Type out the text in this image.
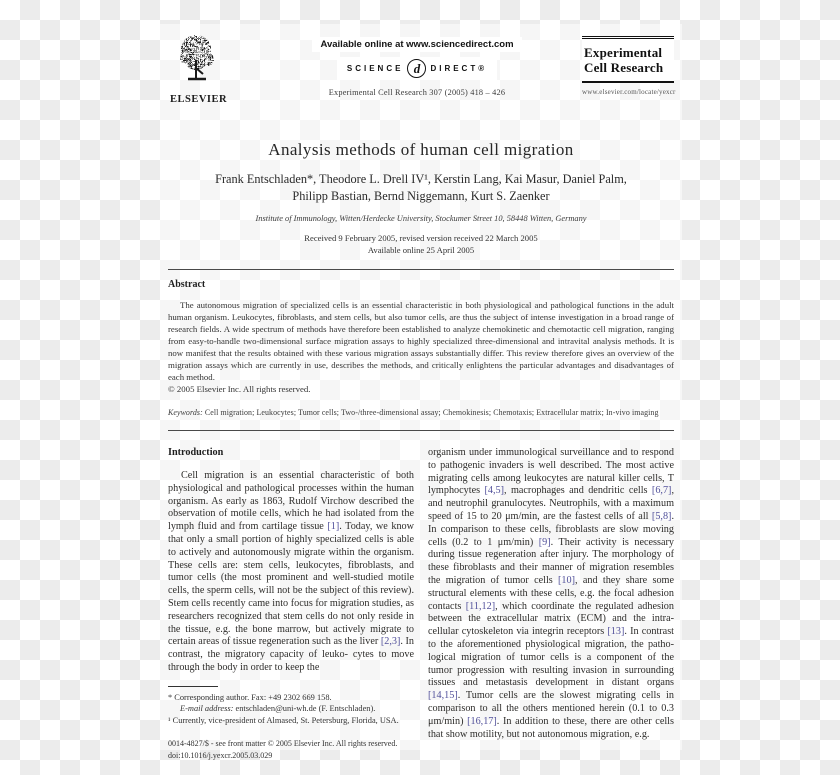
ELSEVIER
Available online at www.sciencedirect.com

SCIENCE d	DIRECT®
Experimental Cell Research 307 (2005) 418 – 426
Experimental
Cell Research
www.elsevier.com/locate/yexcr
Analysis methods of human cell migration
Frank Entschladen*, Theodore L. Drell IV¹, Kerstin Lang, Kai Masur, Daniel Palm,
Philipp Bastian, Bernd Niggemann, Kurt S. Zaenker
Institute of Immunology, Witten/Herdecke University, Stockumer Street 10, 58448 Witten, Germany
Received 9 February 2005, revised version received 22 March 2005
Available online 25 April 2005
Abstract

The autonomous migration of specialized cells is an essential characteristic in both physiological and pathological functions in the adult human organism. Leukocytes, fibroblasts, and stem cells, but also tumor cells, are thus the subject of intense investigation in a broad range of research fields. A wide spectrum of methods have therefore been established to analyze chemokinetic and chemotactic cell migration, ranging from easy-to-handle two-dimensional surface migration assays to highly specialized three-dimensional and intravital analysis methods. It is now manifest that the results obtained with these various migration assays substantially differ. This review therefore gives an overview of the migration assays which are currently in use, describes the methods, and critically enlightens the particular advantages and disadvantages of each method.

© 2005 Elsevier Inc. All rights reserved.

Keywords: Cell migration; Leukocytes; Tumor cells; Two-/three-dimensional assay; Chemokinesis; Chemotaxis; Extracellular matrix; In-vivo imaging

Introduction

Cell migration is an essential characteristic of both physiological and pathological processes within the human organism. As early as 1863, Rudolf Virchow described the observation of motile cells, which he had isolated from the lymph fluid and from cartilage tissue [1]. Today, we know that only a small portion of highly specialized cells is able to actively and autonomously migrate within the organism. These cells are: stem cells, leukocytes, fibroblasts, and tumor cells (the most prominent and well-studied motile cells, the sperm cells, will not be the subject of this review). Stem cells recently came into focus for migration studies, as researchers recognized that stem cells do not only reside in the tissue, e.g. the bone marrow, but actively migrate to certain areas of tissue regeneration such as the liver [2,3]. In contrast, the migratory capacity of leuko- cytes to move through the body in order to keep the

* Corresponding author. Fax: +49 2302 669 158.

E-mail address: entschladen@uni-wh.de (F. Entschladen).

¹ Currently, vice-president of Almased, St. Petersburg, Florida, USA.

0014-4827/$ - see front matter © 2005 Elsevier Inc. All rights reserved.

doi:10.1016/j.yexcr.2005.03.029

organism under immunological surveillance and to respond to pathogenic invaders is well described. The most active migrating cells among leukocytes are natural killer cells, T lymphocytes [4,5], macrophages and dendritic cells [6,7], and neutrophil granulocytes. Neutrophils, with a maximum speed of 15 to 20 μm/min, are the fastest cells of all [5,8]. In comparison to these cells, fibroblasts are slow moving cells (0.2 to 1 μm/min) [9]. Their activity is necessary during tissue regeneration after injury. The morphology of these fibroblasts and their manner of migration resembles the migration of tumor cells [10], and they share some structural elements with these cells, e.g. the focal adhesion contacts [11,12], which coordinate the regulated adhesion between the extracellular matrix (ECM) and the intra- cellular cytoskeleton via integrin receptors [13]. In contrast to the aforementioned physiological migration, the patho- logical migration of tumor cells is a component of the tumor progression with resulting invasion in surrounding tissues and metastasis development in distant organs [14,15]. Tumor cells are the slowest migrating cells in comparison to all the others mentioned herein (0.1 to 0.3 μm/min) [16,17]. In addition to these, there are other cells that show motility, but not autonomous migration, e.g.
